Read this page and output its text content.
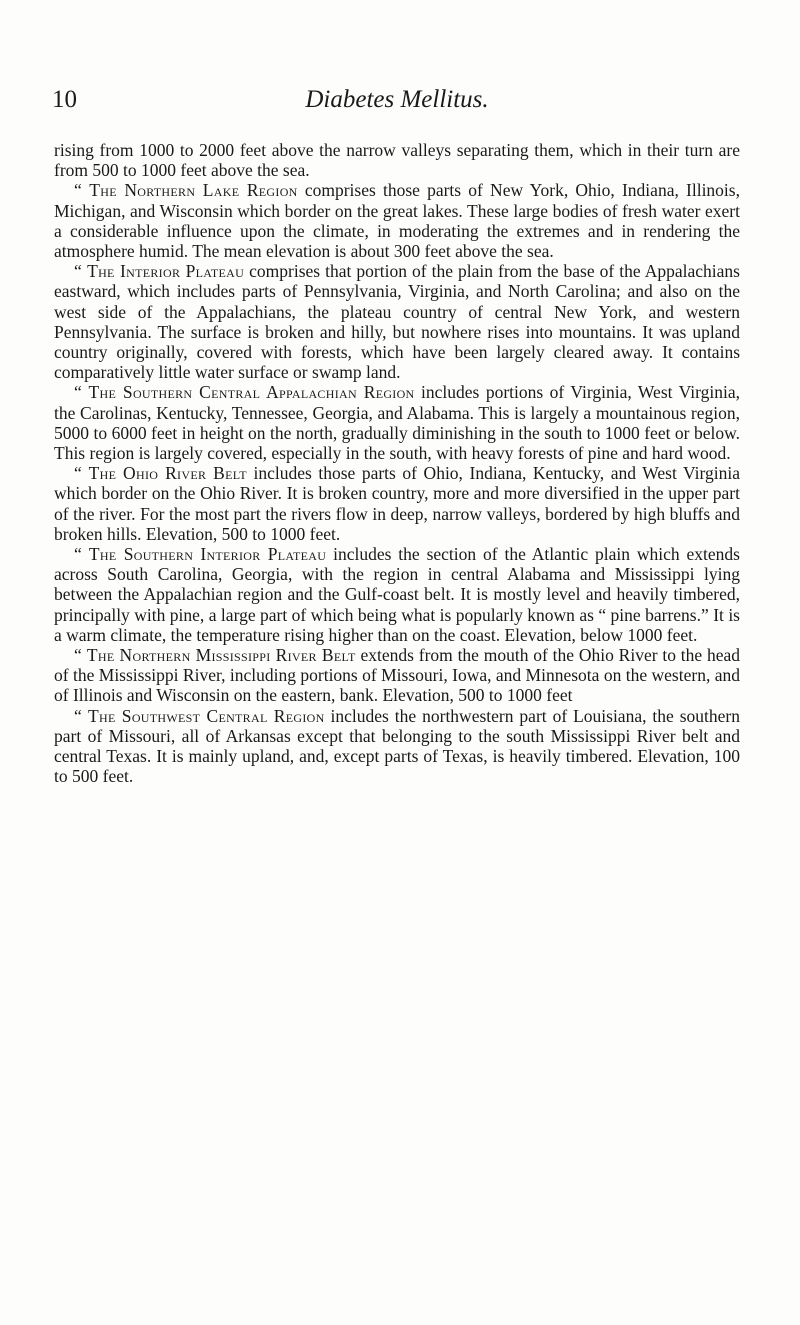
10	Diabetes Mellitus.

rising from 1000 to 2000 feet above the narrow valleys separating them, which in their turn are from 500 to 1000 feet above the sea.

“ The Northern Lake Region comprises those parts of New York, Ohio, Indiana, Illinois, Michigan, and Wisconsin which border on the great lakes. These large bodies of fresh water exert a considerable influence upon the climate, in moderating the extremes and in rendering the atmosphere humid. The mean elevation is about 300 feet above the sea.

“ The Interior Plateau comprises that portion of the plain from the base of the Appalachians eastward, which includes parts of Pennsylvania, Virginia, and North Carolina; and also on the west side of the Appalachians, the plateau country of central New York, and western Pennsylvania. The surface is broken and hilly, but nowhere rises into mountains. It was upland country originally, covered with forests, which have been largely cleared away. It contains comparatively little water surface or swamp land.

“ The Southern Central Appalachian Region includes portions of Virginia, West Virginia, the Carolinas, Kentucky, Tennessee, Georgia, and Alabama. This is largely a mountainous region, 5000 to 6000 feet in height on the north, gradually diminishing in the south to 1000 feet or below. This region is largely covered, especially in the south, with heavy forests of pine and hard wood.

“ The Ohio River Belt includes those parts of Ohio, Indiana, Kentucky, and West Virginia which border on the Ohio River. It is broken country, more and more diversified in the upper part of the river. For the most part the rivers flow in deep, narrow valleys, bordered by high bluffs and broken hills. Elevation, 500 to 1000 feet.

“ The Southern Interior Plateau includes the section of the Atlantic plain which extends across South Carolina, Georgia, with the region in central Alabama and Mississippi lying between the Appalachian region and the Gulf-coast belt. It is mostly level and heavily timbered, principally with pine, a large part of which being what is popularly known as “ pine barrens.” It is a warm climate, the temperature rising higher than on the coast. Elevation, below 1000 feet.

“ The Northern Mississippi River Belt extends from the mouth of the Ohio River to the head of the Mississippi River, including portions of Missouri, Iowa, and Minnesota on the western, and of Illinois and Wisconsin on the eastern, bank. Elevation, 500 to 1000 feet

“ The Southwest Central Region includes the northwestern part of Louisiana, the southern part of Missouri, all of Arkansas except that belonging to the south Mississippi River belt and central Texas. It is mainly upland, and, except parts of Texas, is heavily timbered. Elevation, 100 to 500 feet.
